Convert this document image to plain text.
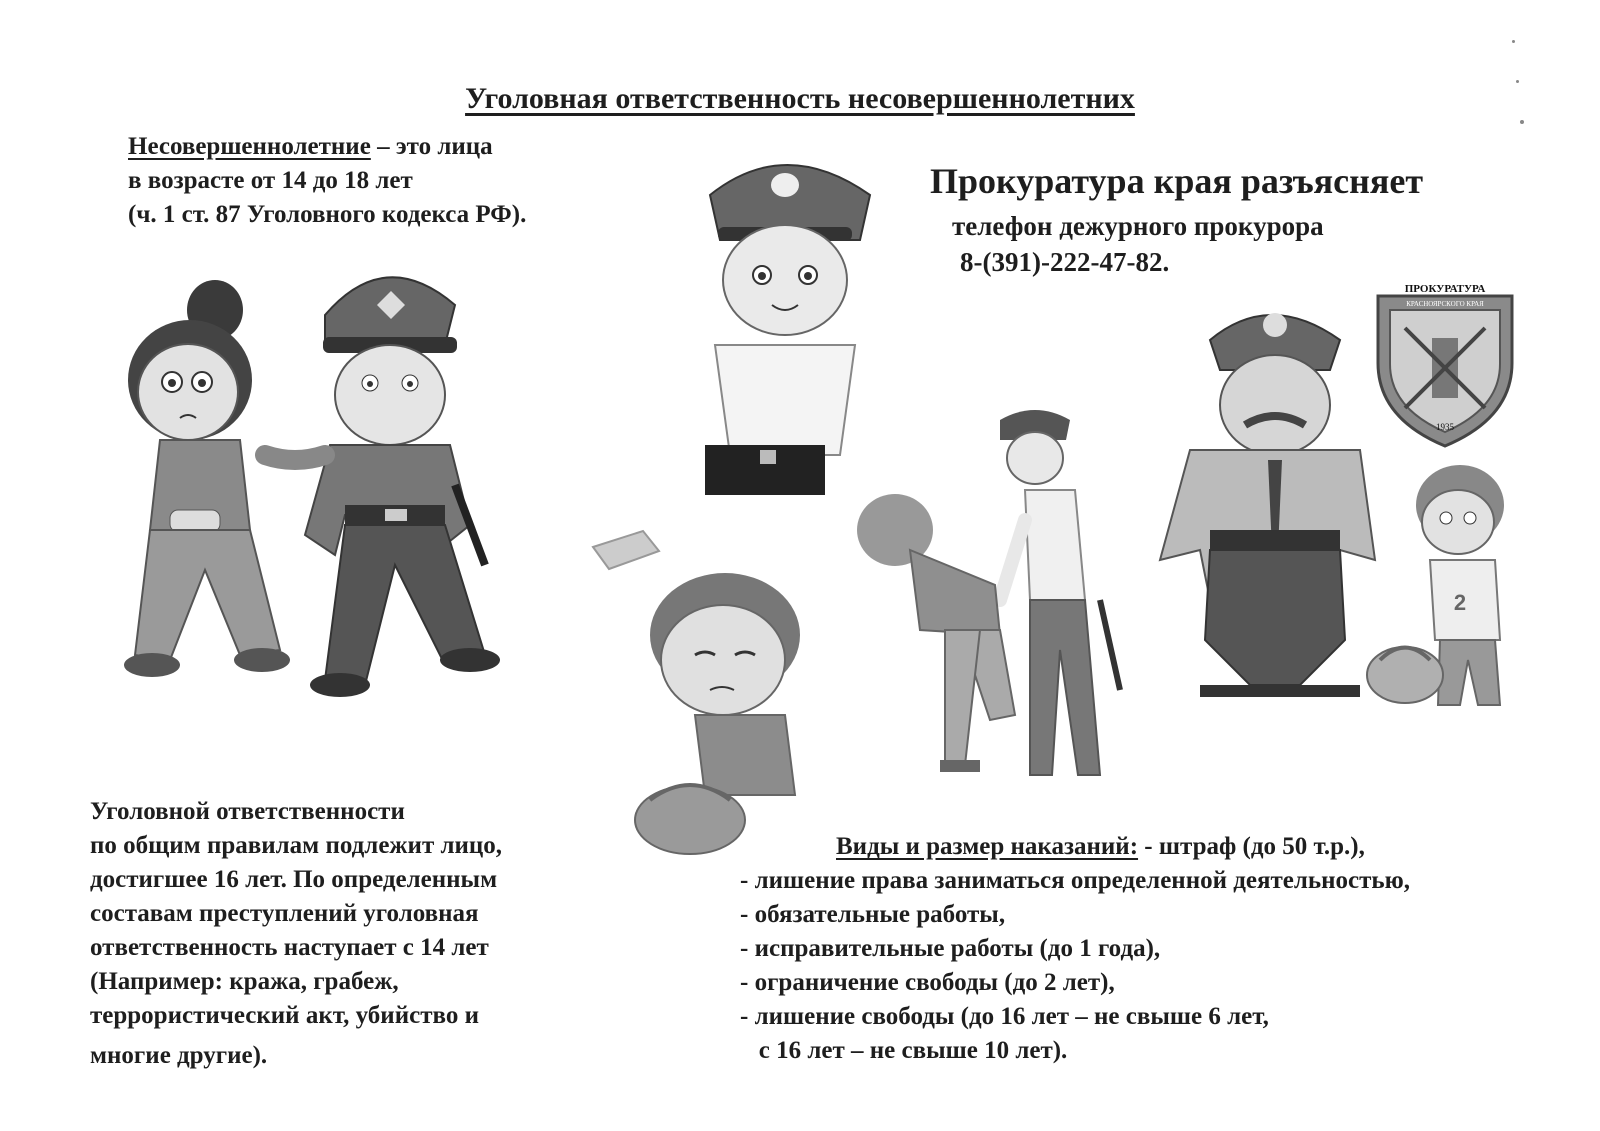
Уголовная ответственность несовершеннолетних
Несовершеннолетние – это лица
в возрасте от 14 до 18 лет
(ч. 1 ст. 87 Уголовного кодекса РФ).
Прокуратура края разъясняет
телефон дежурного прокурора
8-(391)-222-47-82.
Уголовной ответственности
по общим правилам подлежит лицо,
достигшее 16 лет. По определенным
составам преступлений уголовная
ответственность наступает с 14 лет
(Например: кража, грабеж,
террористический акт, убийство и
многие другие).
Виды и размер наказаний: - штраф (до 50 т.р.),
- лишение права заниматься определенной деятельностью,
- обязательные работы,
- исправительные работы (до 1 года),
- ограничение свободы (до 2 лет),
- лишение свободы (до 16 лет – не свыше 6 лет,
с 16 лет – не свыше 10 лет).
ПРОКУРАТУРА
КРАСНОЯРСКОГО КРАЯ
1935
2
